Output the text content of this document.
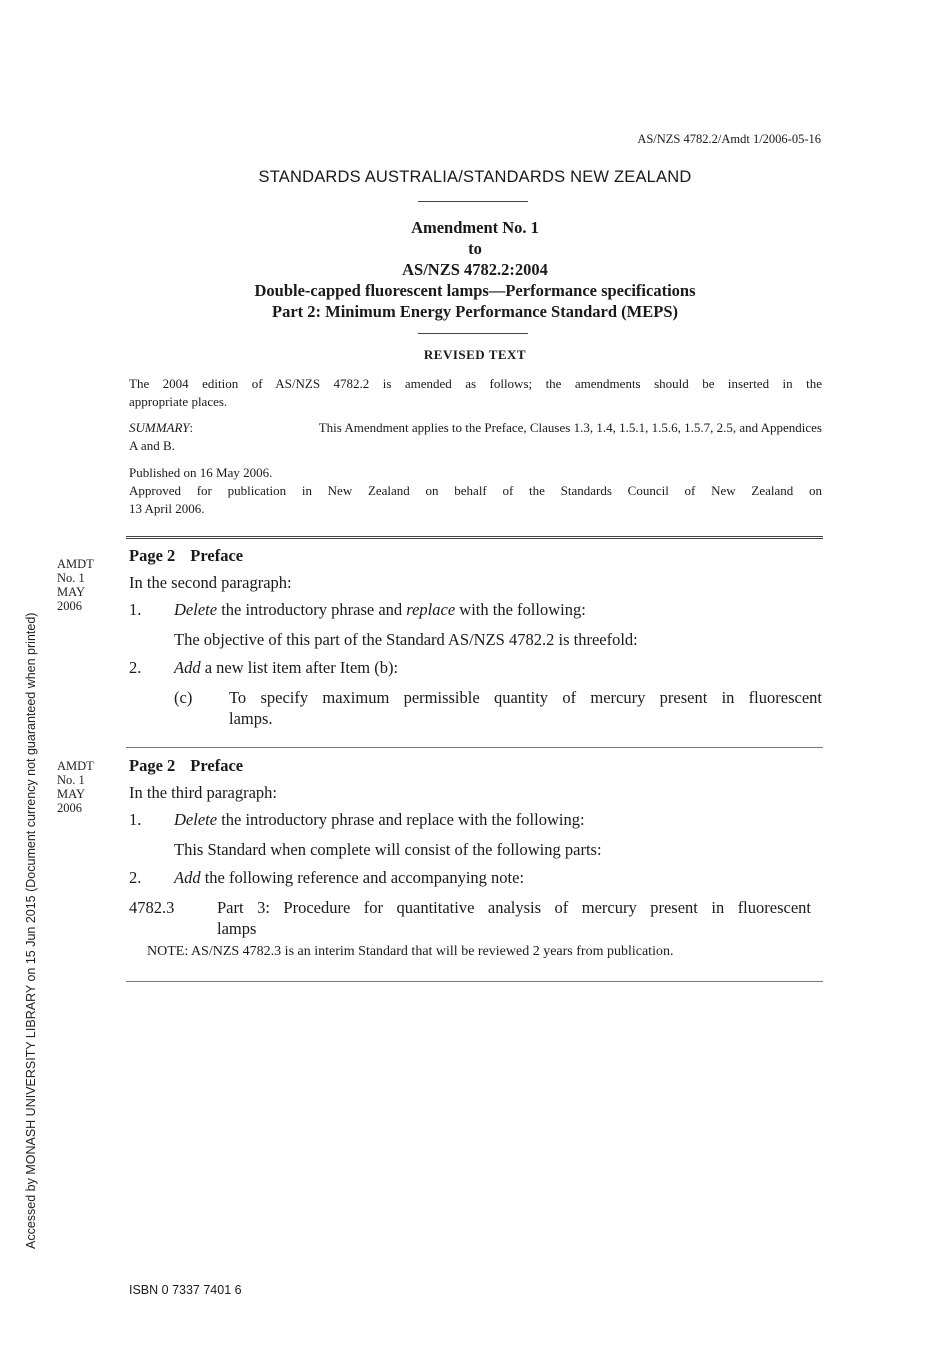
AS/NZS 4782.2/Amdt 1/2006-05-16
STANDARDS AUSTRALIA/STANDARDS NEW ZEALAND
Amendment No. 1
to
AS/NZS 4782.2:2004
Double-capped fluorescent lamps—Performance specifications
Part 2: Minimum Energy Performance Standard (MEPS)
REVISED TEXT
The 2004 edition of AS/NZS 4782.2 is amended as follows; the amendments should be inserted in the
appropriate places.
SUMMARY:	This Amendment applies to the Preface, Clauses 1.3, 1.4, 1.5.1, 1.5.6, 1.5.7, 2.5, and Appendices
A and B.
Published on 16 May 2006.
Approved for publication in New Zealand on behalf of the Standards Council of New Zealand on
13 April 2006.
AMDT
No. 1
MAY
2006
Page 2 Preface
In the second paragraph:
1. Delete the introductory phrase and replace with the following:
The objective of this part of the Standard AS/NZS 4782.2 is threefold:
2. Add a new list item after Item (b):
(c)	To specify maximum permissible quantity of mercury present in fluorescent
lamps.
AMDT
No. 1
MAY
2006
Page 2 Preface
In the third paragraph:
1. Delete the introductory phrase and replace with the following:
This Standard when complete will consist of the following parts:
2. Add the following reference and accompanying note:
4782.3	Part 3: Procedure for quantitative analysis of mercury present in fluorescent
lamps
NOTE: AS/NZS 4782.3 is an interim Standard that will be reviewed 2 years from publication.
Accessed by MONASH UNIVERSITY LIBRARY on 15 Jun 2015 (Document currency not guaranteed when printed)
ISBN 0 7337 7401 6
